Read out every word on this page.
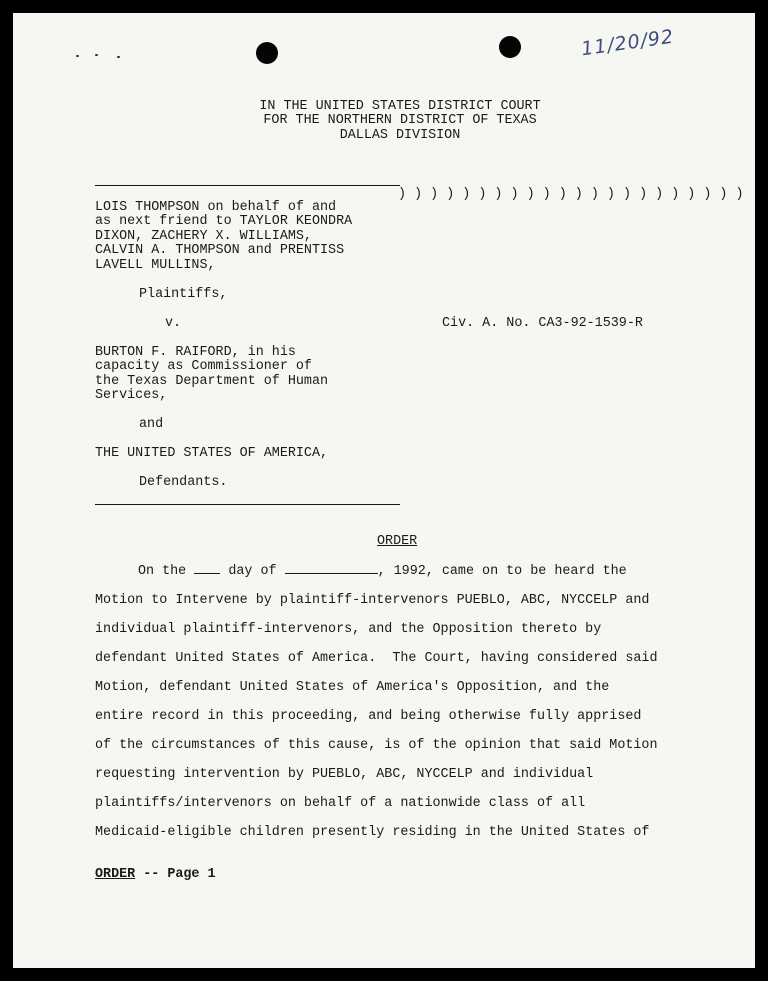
11/20/92
IN THE UNITED STATES DISTRICT COURT
FOR THE NORTHERN DISTRICT OF TEXAS
DALLAS DIVISION
) ) ) ) ) ) ) ) ) ) ) ) ) ) ) ) ) ) ) ) ) )
LOIS THOMPSON on behalf of and
as next friend to TAYLOR KEONDRA
DIXON, ZACHERY X. WILLIAMS,
CALVIN A. THOMPSON and PRENTISS
LAVELL MULLINS,
Plaintiffs,
v.	Civ. A. No. CA3-92-1539-R
BURTON F. RAIFORD, in his
capacity as Commissioner of
the Texas Department of Human
Services,
and
THE UNITED STATES OF AMERICA,
Defendants.
ORDER
On the	day of	, 1992, came on to be heard the
Motion to Intervene by plaintiff-intervenors PUEBLO, ABC, NYCCELP and
individual plaintiff-intervenors, and the Opposition thereto by
defendant United States of America.  The Court, having considered said
Motion, defendant United States of America's Opposition, and the
entire record in this proceeding, and being otherwise fully apprised
of the circumstances of this cause, is of the opinion that said Motion
requesting intervention by PUEBLO, ABC, NYCCELP and individual
plaintiffs/intervenors on behalf of a nationwide class of all
Medicaid-eligible children presently residing in the United States of
ORDER -- Page 1
